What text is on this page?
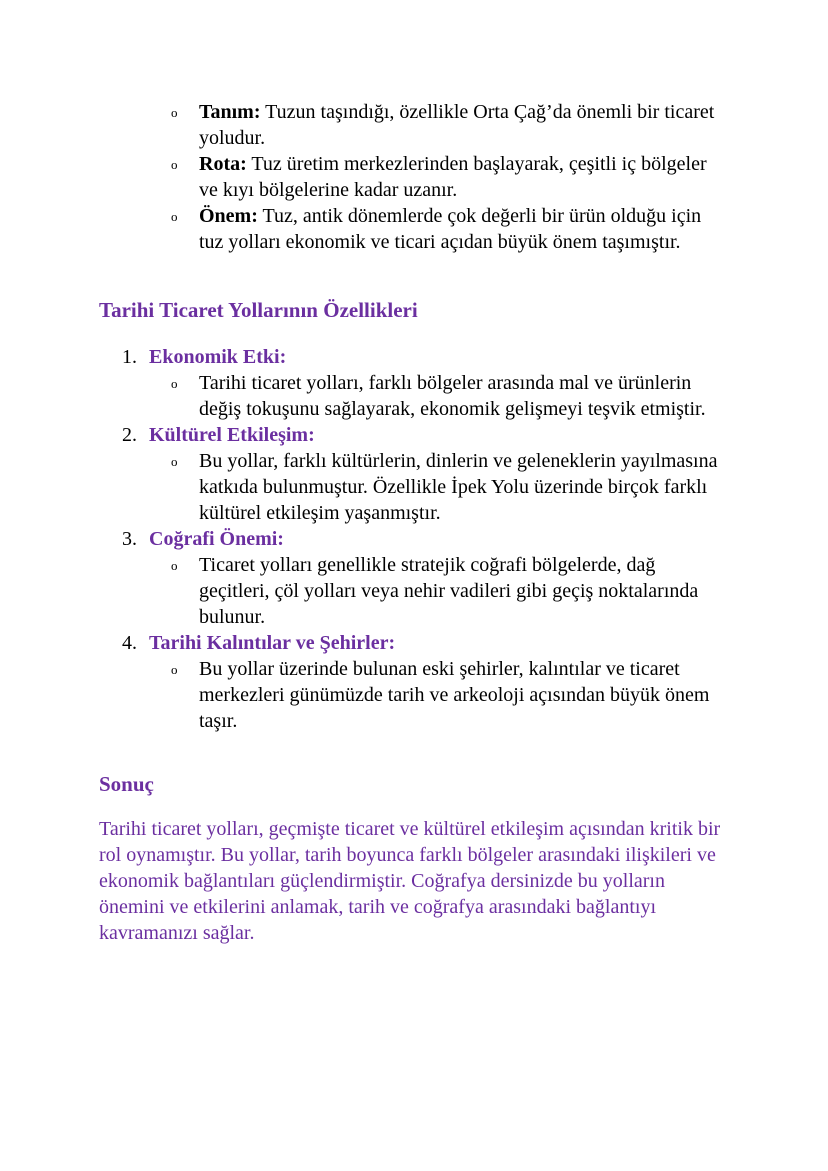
o Tanım: Tuzun taşındığı, özellikle Orta Çağ’da önemli bir ticaret yoludur.
o Rota: Tuz üretim merkezlerinden başlayarak, çeşitli iç bölgeler ve kıyı bölgelerine kadar uzanır.
o Önem: Tuz, antik dönemlerde çok değerli bir ürün olduğu için tuz yolları ekonomik ve ticari açıdan büyük önem taşımıştır.
Tarihi Ticaret Yollarının Özellikleri
1. Ekonomik Etki:
o Tarihi ticaret yolları, farklı bölgeler arasında mal ve ürünlerin değiş tokuşunu sağlayarak, ekonomik gelişmeyi teşvik etmiştir.
2. Kültürel Etkileşim:
o Bu yollar, farklı kültürlerin, dinlerin ve geleneklerin yayılmasına katkıda bulunmuştur. Özellikle İpek Yolu üzerinde birçok farklı kültürel etkileşim yaşanmıştır.
3. Coğrafi Önemi:
o Ticaret yolları genellikle stratejik coğrafi bölgelerde, dağ geçitleri, çöl yolları veya nehir vadileri gibi geçiş noktalarında bulunur.
4. Tarihi Kalıntılar ve Şehirler:
o Bu yollar üzerinde bulunan eski şehirler, kalıntılar ve ticaret merkezleri günümüzde tarih ve arkeoloji açısından büyük önem taşır.
Sonuç

Tarihi ticaret yolları, geçmişte ticaret ve kültürel etkileşim açısından kritik bir rol oynamıştır. Bu yollar, tarih boyunca farklı bölgeler arasındaki ilişkileri ve ekonomik bağlantıları güçlendirmiştir. Coğrafya dersinizde bu yolların önemini ve etkilerini anlamak, tarih ve coğrafya arasındaki bağlantıyı kavramanızı sağlar.
